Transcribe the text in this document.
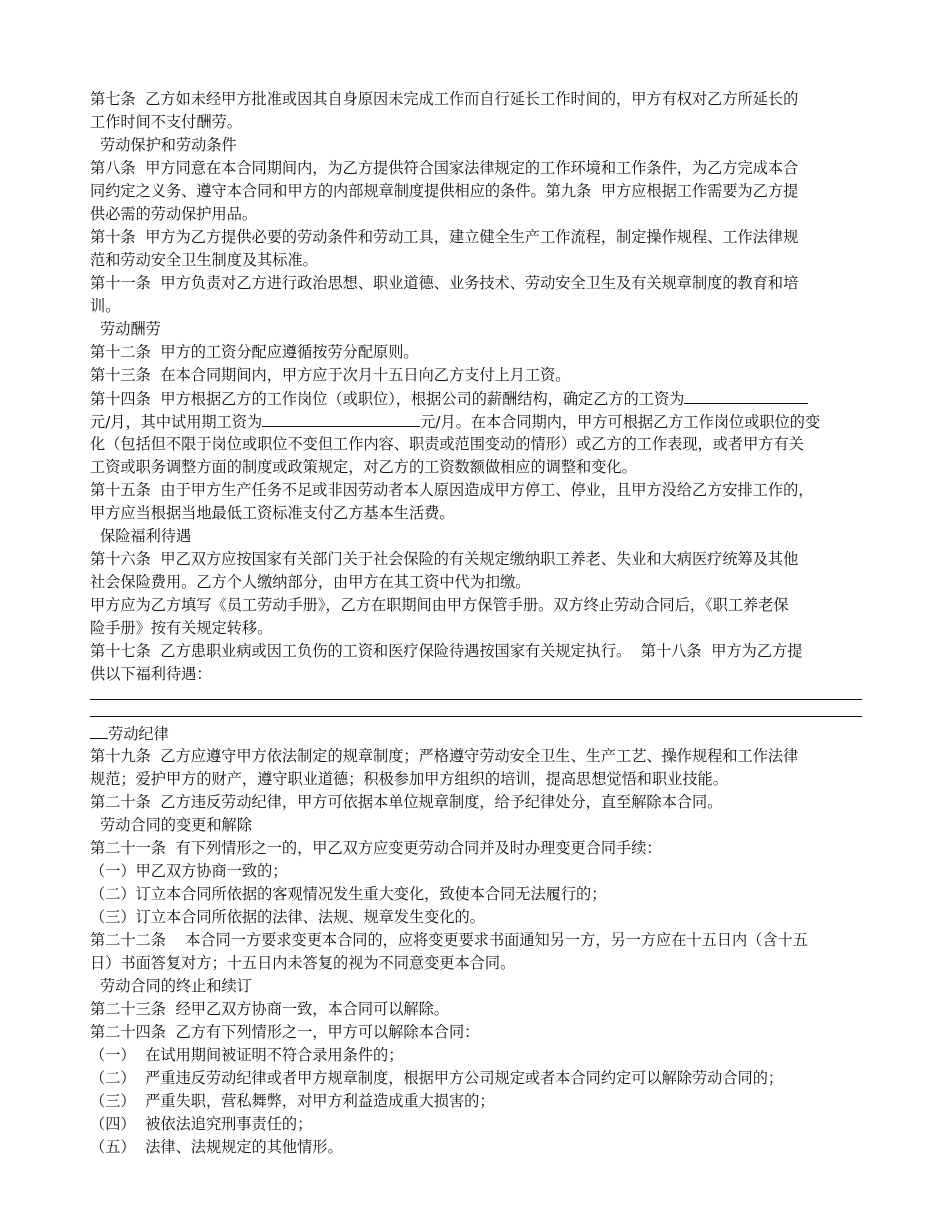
第七条  乙方如未经甲方批准或因其自身原因未完成工作而自行延长工作时间的，甲方有权对乙方所延长的
工作时间不支付酬劳。
劳动保护和劳动条件
第八条  甲方同意在本合同期间内，为乙方提供符合国家法律规定的工作环境和工作条件，为乙方完成本合
同约定之义务、遵守本合同和甲方的内部规章制度提供相应的条件。第九条  甲方应根据工作需要为乙方提
供必需的劳动保护用品。
第十条  甲方为乙方提供必要的劳动条件和劳动工具，建立健全生产工作流程，制定操作规程、工作法律规
范和劳动安全卫生制度及其标准。
第十一条  甲方负责对乙方进行政治思想、职业道德、业务技术、劳动安全卫生及有关规章制度的教育和培
训。
劳动酬劳
第十二条  甲方的工资分配应遵循按劳分配原则。
第十三条  在本合同期间内，甲方应于次月十五日向乙方支付上月工资。
第十四条  甲方根据乙方的工作岗位（或职位），根据公司的薪酬结构，确定乙方的工资为
元/月，其中试用期工资为	元/月。在本合同期内，甲方可根据乙方工作岗位或职位的变
化（包括但不限于岗位或职位不变但工作内容、职责或范围变动的情形）或乙方的工作表现，或者甲方有关
工资或职务调整方面的制度或政策规定，对乙方的工资数额做相应的调整和变化。
第十五条  由于甲方生产任务不足或非因劳动者本人原因造成甲方停工、停业，且甲方没给乙方安排工作的，
甲方应当根据当地最低工资标准支付乙方基本生活费。
保险福利待遇
第十六条  甲乙双方应按国家有关部门关于社会保险的有关规定缴纳职工养老、失业和大病医疗统筹及其他
社会保险费用。乙方个人缴纳部分，由甲方在其工资中代为扣缴。
甲方应为乙方填写《员工劳动手册》，乙方在职期间由甲方保管手册。双方终止劳动合同后，《职工养老保
险手册》按有关规定转移。
第十七条  乙方患职业病或因工负伤的工资和医疗保险待遇按国家有关规定执行。  第十八条  甲方为乙方提
供以下福利待遇：
劳动纪律
第十九条  乙方应遵守甲方依法制定的规章制度；严格遵守劳动安全卫生、生产工艺、操作规程和工作法律
规范；爱护甲方的财产，遵守职业道德；积极参加甲方组织的培训，提高思想觉悟和职业技能。
第二十条  乙方违反劳动纪律，甲方可依据本单位规章制度，给予纪律处分，直至解除本合同。
劳动合同的变更和解除
第二十一条  有下列情形之一的，甲乙双方应变更劳动合同并及时办理变更合同手续：
（一）甲乙双方协商一致的；
（二）订立本合同所依据的客观情况发生重大变化，致使本合同无法履行的；
（三）订立本合同所依据的法律、法规、规章发生变化的。
第二十二条    本合同一方要求变更本合同的，应将变更要求书面通知另一方，另一方应在十五日内（含十五
日）书面答复对方；十五日内未答复的视为不同意变更本合同。
劳动合同的终止和续订
第二十三条  经甲乙双方协商一致，本合同可以解除。
第二十四条  乙方有下列情形之一，甲方可以解除本合同：
（一）  在试用期间被证明不符合录用条件的；
（二）  严重违反劳动纪律或者甲方规章制度，根据甲方公司规定或者本合同约定可以解除劳动合同的；
（三）  严重失职，营私舞弊，对甲方利益造成重大损害的；
（四）  被依法追究刑事责任的；
（五）  法律、法规规定的其他情形。
